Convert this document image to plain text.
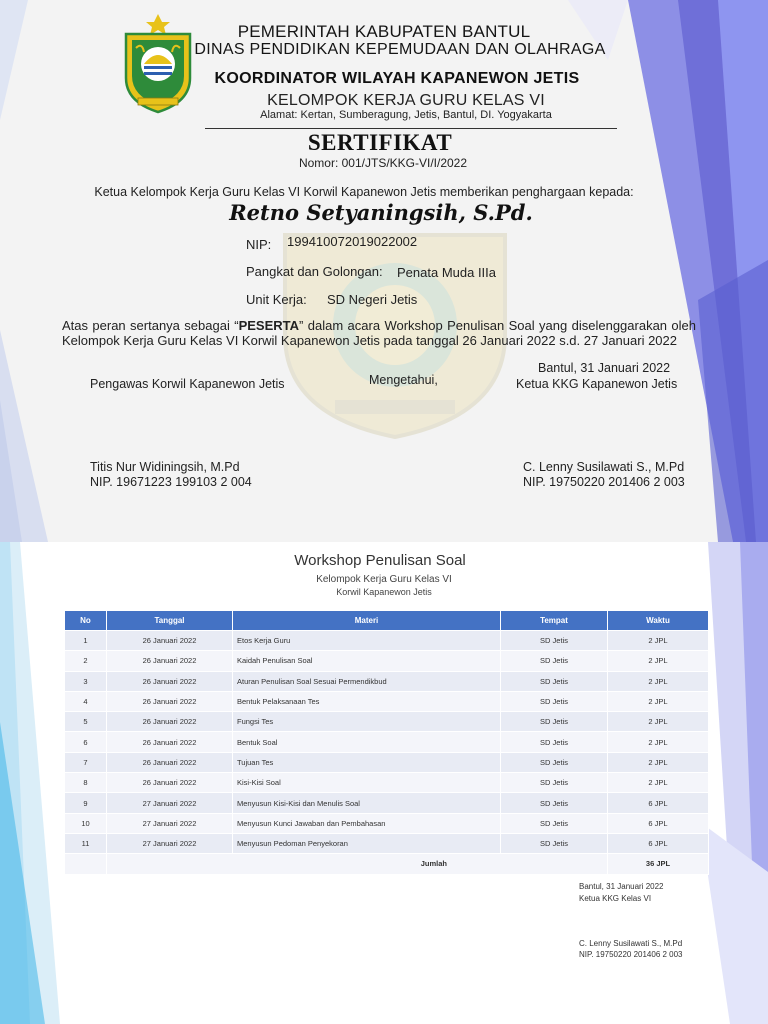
PEMERINTAH KABUPATEN BANTUL
DINAS PENDIDIKAN KEPEMUDAAN DAN OLAHRAGA
KOORDINATOR WILAYAH KAPANEWON JETIS
KELOMPOK KERJA GURU KELAS VI
Alamat: Kertan, Sumberagung, Jetis, Bantul, DI. Yogyakarta
SERTIFIKAT
Nomor: 001/JTS/KKG-VI/I/2022
Ketua Kelompok Kerja Guru Kelas VI Korwil Kapanewon Jetis memberikan penghargaan kepada:
Retno Setyaningsih, S.Pd.
NIP: 199410072019022002
Pangkat dan Golongan: Penata Muda IIIa
Unit Kerja: SD Negeri Jetis
Atas peran sertanya sebagai “PESERTA” dalam acara Workshop Penulisan Soal yang diselenggarakan oleh Kelompok Kerja Guru Kelas VI Korwil Kapanewon Jetis pada tanggal 26 Januari 2022 s.d. 27 Januari 2022
Bantul, 31 Januari 2022
Mengetahui,
Pengawas Korwil Kapanewon Jetis	Ketua KKG Kapanewon Jetis
Titis Nur Widiningsih, M.Pd
NIP. 19671223 199103 2 004
C. Lenny Susilawati S., M.Pd
NIP. 19750220 201406 2 003
Workshop Penulisan Soal
Kelompok Kerja Guru Kelas VI
Korwil Kapanewon Jetis
No	Tanggal	Materi	Tempat	Waktu
1	26 Januari 2022	Etos Kerja Guru	SD Jetis	2 JPL
2	26 Januari 2022	Kaidah Penulisan Soal	SD Jetis	2 JPL
3	26 Januari 2022	Aturan Penulisan Soal Sesuai Permendikbud	SD Jetis	2 JPL
4	26 Januari 2022	Bentuk Pelaksanaan Tes	SD Jetis	2 JPL
5	26 Januari 2022	Fungsi Tes	SD Jetis	2 JPL
6	26 Januari 2022	Bentuk Soal	SD Jetis	2 JPL
7	26 Januari 2022	Tujuan Tes	SD Jetis	2 JPL
8	26 Januari 2022	Kisi-Kisi Soal	SD Jetis	2 JPL
9	27 Januari 2022	Menyusun Kisi-Kisi dan Menulis Soal	SD Jetis	6 JPL
10	27 Januari 2022	Menyusun Kunci Jawaban dan Pembahasan	SD Jetis	6 JPL
11	27 Januari 2022	Menyusun Pedoman Penyekoran	SD Jetis	6 JPL
	Jumlah			36 JPL
Bantul, 31 Januari 2022
Ketua KKG Kelas VI
C. Lenny Susilawati S., M.Pd
NIP. 19750220 201406 2 003
